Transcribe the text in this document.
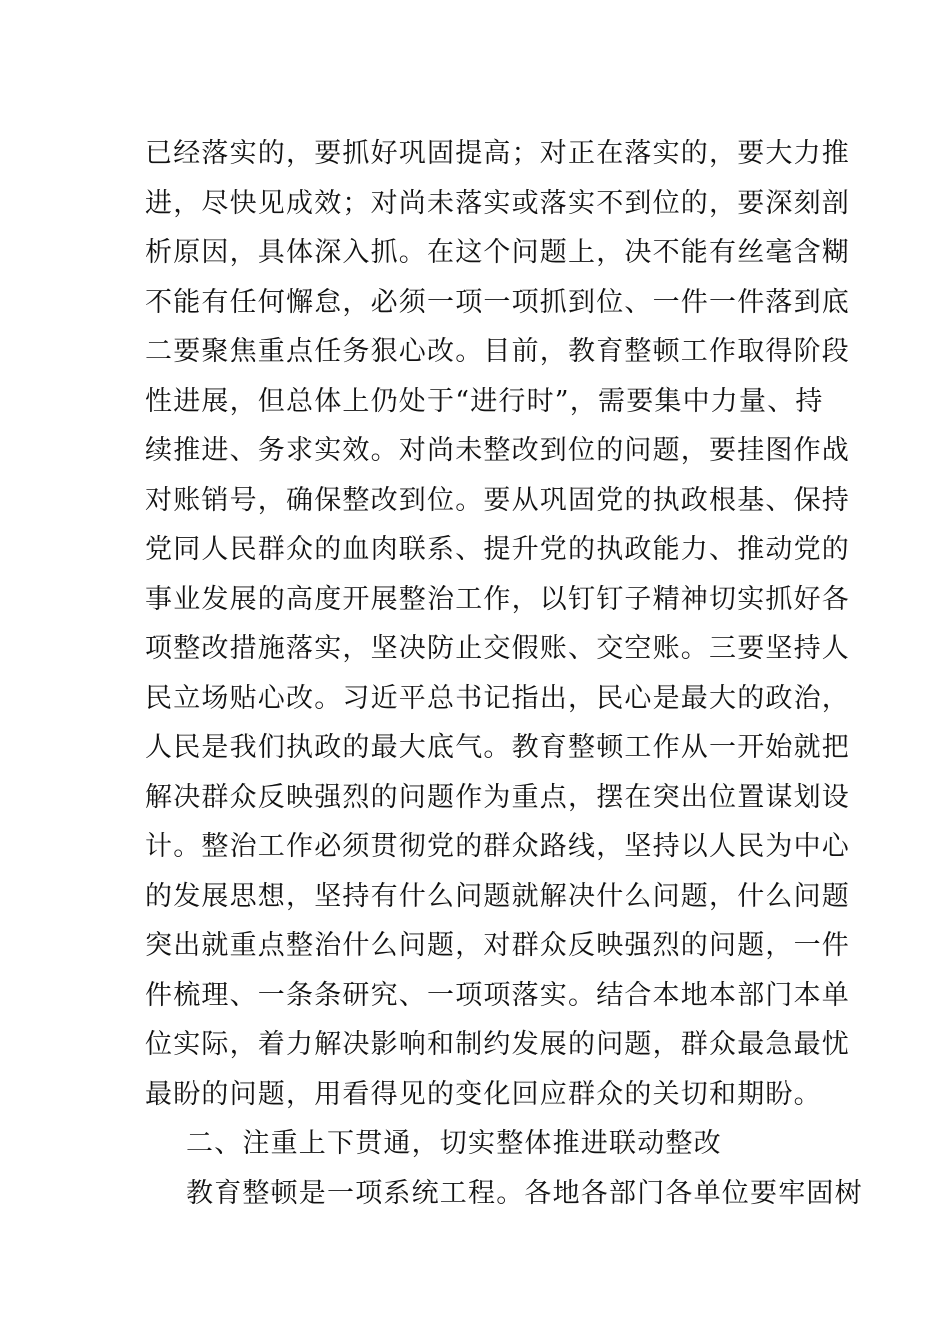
已经落实的，要抓好巩固提高；对正在落实的，要大力推
进，尽快见成效；对尚未落实或落实不到位的，要深刻剖
析原因，具体深入抓。在这个问题上，决不能有丝毫含糊
不能有任何懈怠，必须一项一项抓到位、一件一件落到底
二要聚焦重点任务狠心改。目前，教育整顿工作取得阶段
性进展，但总体上仍处于“进行时”，需要集中力量、持
续推进、务求实效。对尚未整改到位的问题，要挂图作战
对账销号，确保整改到位。要从巩固党的执政根基、保持
党同人民群众的血肉联系、提升党的执政能力、推动党的
事业发展的高度开展整治工作，以钉钉子精神切实抓好各
项整改措施落实，坚决防止交假账、交空账。三要坚持人
民立场贴心改。习近平总书记指出，民心是最大的政治，
人民是我们执政的最大底气。教育整顿工作从一开始就把
解决群众反映强烈的问题作为重点，摆在突出位置谋划设
计。整治工作必须贯彻党的群众路线，坚持以人民为中心
的发展思想，坚持有什么问题就解决什么问题，什么问题
突出就重点整治什么问题，对群众反映强烈的问题，一件
件梳理、一条条研究、一项项落实。结合本地本部门本单
位实际，着力解决影响和制约发展的问题，群众最急最忧
最盼的问题，用看得见的变化回应群众的关切和期盼。
二、注重上下贯通，切实整体推进联动整改
教育整顿是一项系统工程。各地各部门各单位要牢固树
